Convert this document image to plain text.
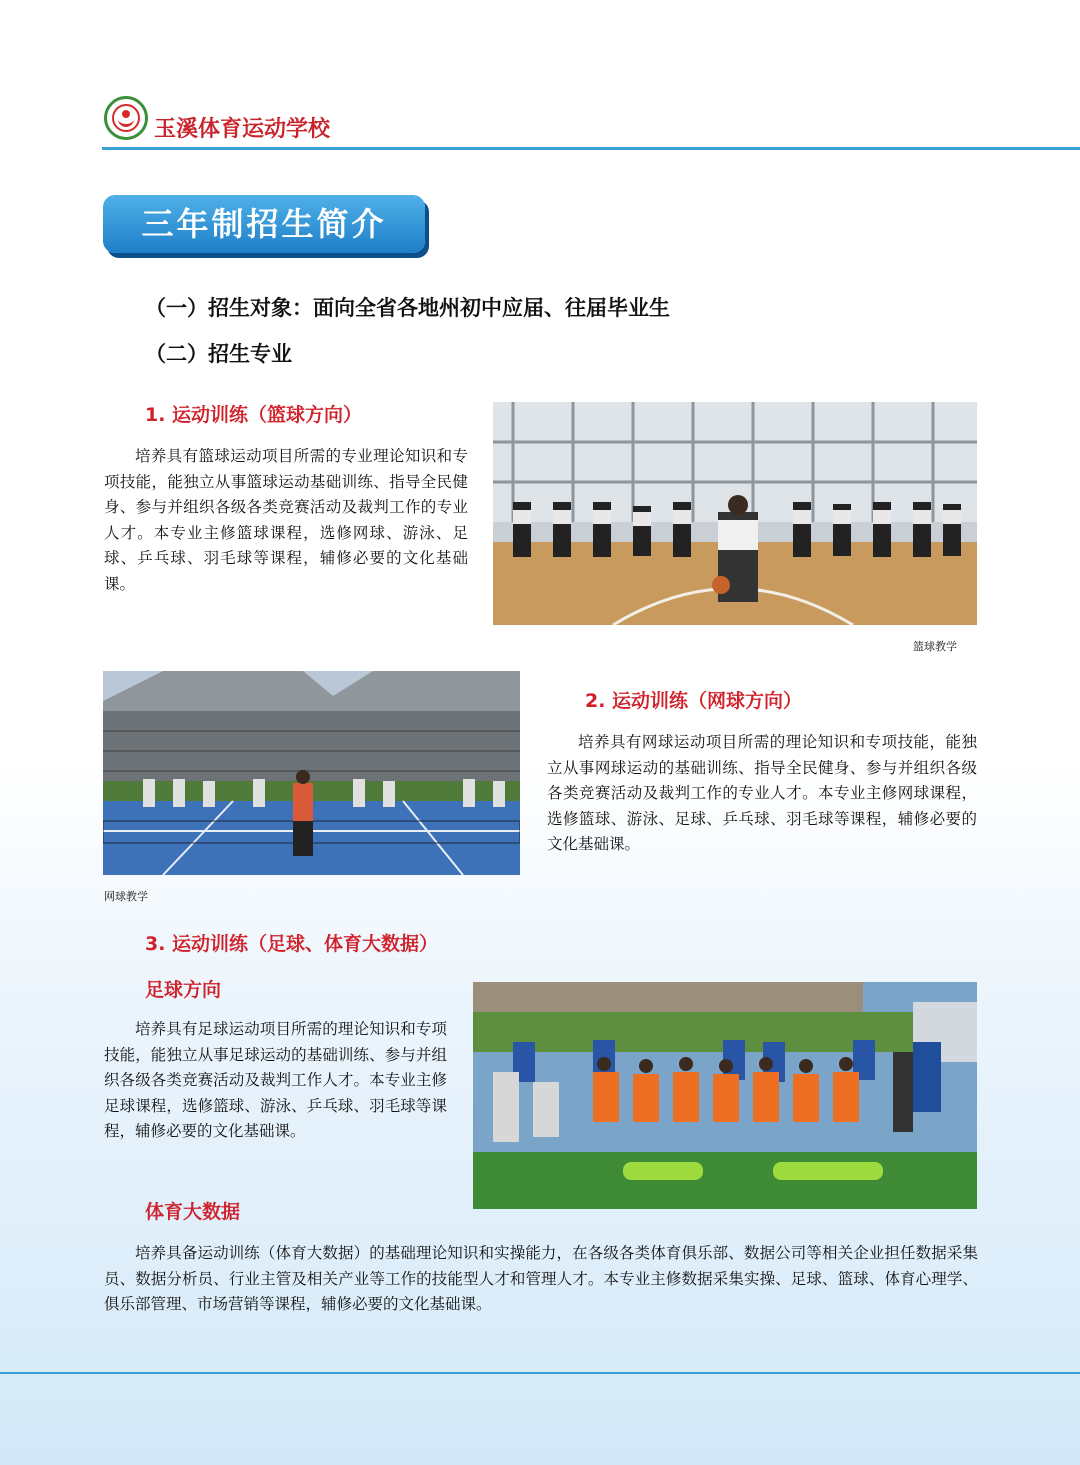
玉溪体育运动学校
三年制招生简介
（一）招生对象：面向全省各地州初中应届、往届毕业生
（二）招生专业
1. 运动训练（篮球方向）
培养具有篮球运动项目所需的专业理论知识和专项技能，能独立从事篮球运动基础训练、指导全民健身、参与并组织各级各类竞赛活动及裁判工作的专业人才。本专业主修篮球课程，选修网球、游泳、足球、乒乓球、羽毛球等课程，辅修必要的文化基础课。
篮球教学
网球教学
2. 运动训练（网球方向）
培养具有网球运动项目所需的理论知识和专项技能，能独立从事网球运动的基础训练、指导全民健身、参与并组织各级各类竞赛活动及裁判工作的专业人才。本专业主修网球课程，选修篮球、游泳、足球、乒乓球、羽毛球等课程，辅修必要的文化基础课。
3. 运动训练（足球、体育大数据）
足球方向
培养具有足球运动项目所需的理论知识和专项技能，能独立从事足球运动的基础训练、参与并组织各级各类竞赛活动及裁判工作人才。本专业主修足球课程，选修篮球、游泳、乒乓球、羽毛球等课程，辅修必要的文化基础课。
体育大数据
培养具备运动训练（体育大数据）的基础理论知识和实操能力，在各级各类体育俱乐部、数据公司等相关企业担任数据采集员、数据分析员、行业主管及相关产业等工作的技能型人才和管理人才。本专业主修数据采集实操、足球、篮球、体育心理学、俱乐部管理、市场营销等课程，辅修必要的文化基础课。
